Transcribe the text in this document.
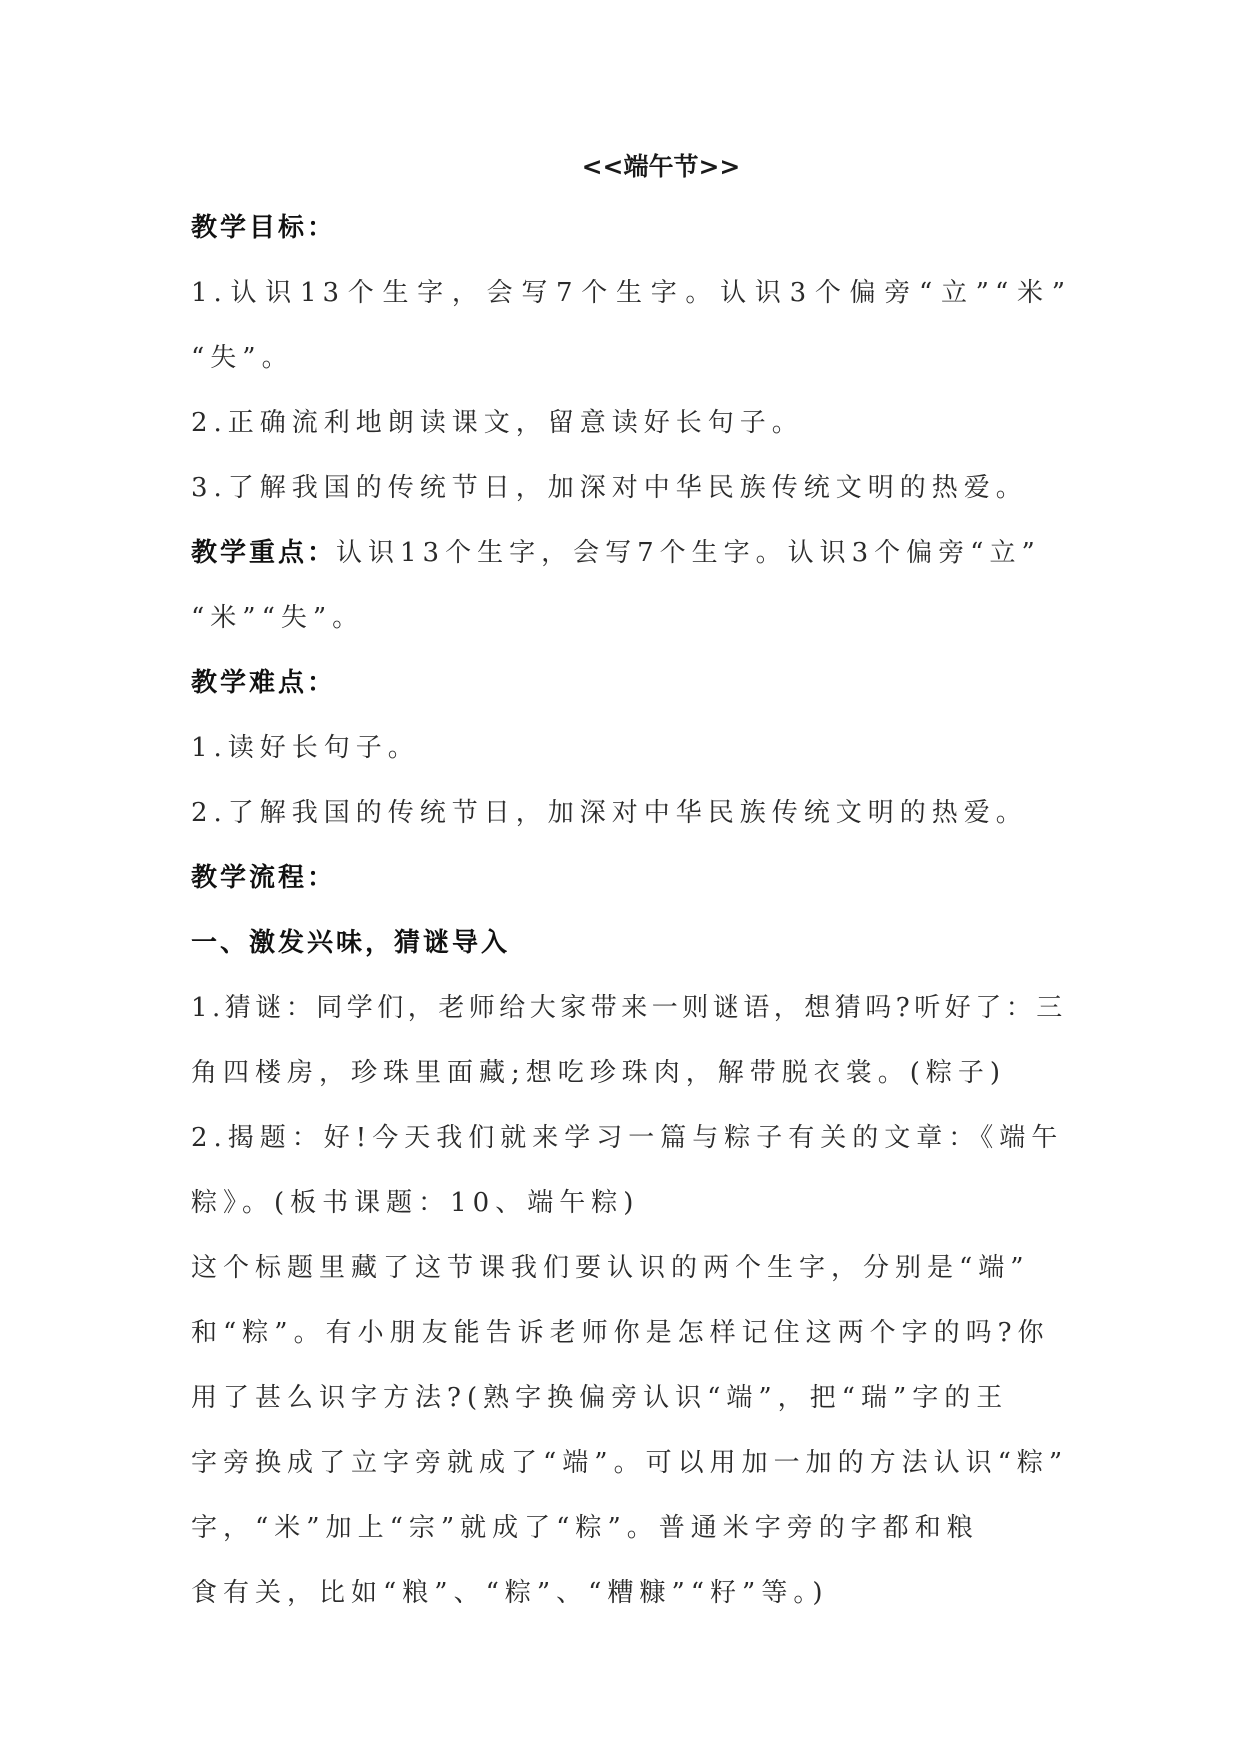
<<端午节>>
教学目标：
1.认识13个生字，会写7个生字。认识3个偏旁“立”“米”
“失”。
2.正确流利地朗读课文，留意读好长句子。
3.了解我国的传统节日，加深对中华民族传统文明的热爱。
教学重点：认识13个生字，会写7个生字。认识3个偏旁“立”
“米”“失”。
教学难点：
1.读好长句子。
2.了解我国的传统节日，加深对中华民族传统文明的热爱。
教学流程：
一、激发兴味，猜谜导入
1.猜谜：同学们，老师给大家带来一则谜语，想猜吗?听好了：三
角四楼房，珍珠里面藏;想吃珍珠肉，解带脱衣裳。(粽子)
2.揭题：好!今天我们就来学习一篇与粽子有关的文章：《端午
粽》。(板书课题：10、端午粽)
这个标题里藏了这节课我们要认识的两个生字，分别是“端”
和“粽”。有小朋友能告诉老师你是怎样记住这两个字的吗?你
用了甚么识字方法?(熟字换偏旁认识“端”，把“瑞”字的王
字旁换成了立字旁就成了“端”。可以用加一加的方法认识“粽”
字，“米”加上“宗”就成了“粽”。普通米字旁的字都和粮
食有关，比如“粮”、“粽”、“糟糠”“籽”等。)
